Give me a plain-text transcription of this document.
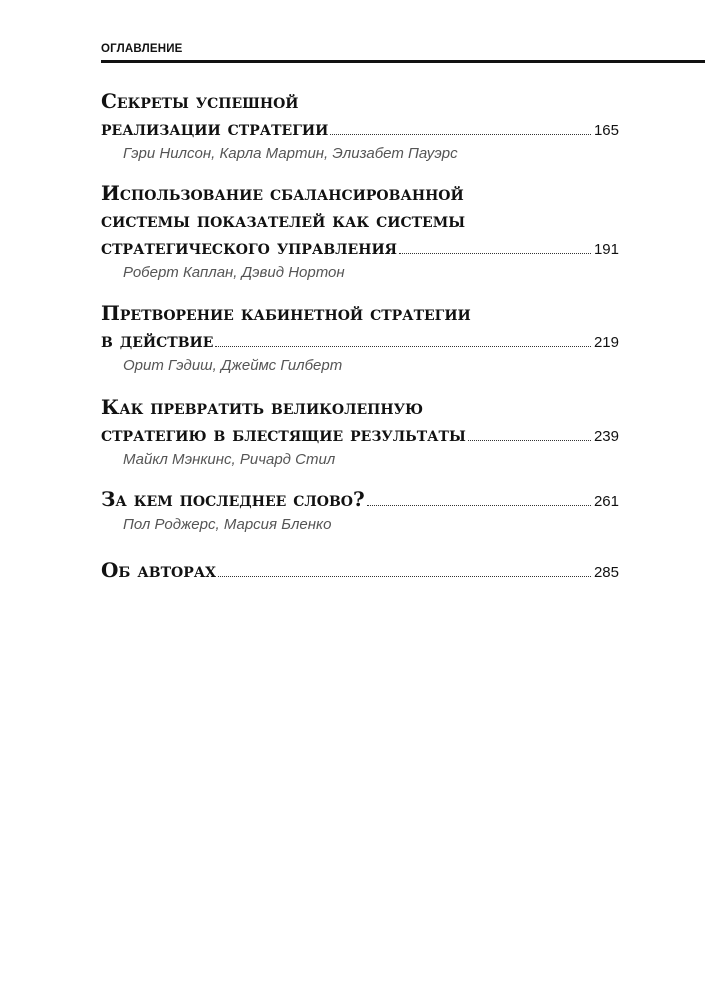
ОГЛАВЛЕНИЕ
Секреты успешной
реализации стратегии	165
Гэри Нилсон, Карла Мартин, Элизабет Пауэрс
Использование сбалансированной
системы показателей как системы
стратегического управления	191
Роберт Каплан, Дэвид Нортон
Претворение кабинетной стратегии
в действие	219
Орит Гэдиш, Джеймс Гилберт
Как превратить великолепную
стратегию в блестящие результаты	239
Майкл Мэнкинс, Ричард Стил
За кем последнее слово?	261
Пол Роджерс, Марсия Бленко
Об авторах	285
